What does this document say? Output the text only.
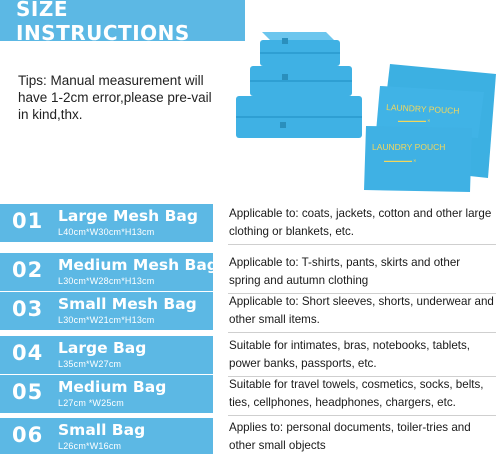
SIZE INSTRUCTIONS
Tips: Manual measurement will have 1-2cm error,please pre-vail in kind,thx.	LAUNDRY POUCH
▬▬▬▬▬▬▬ ✕
LAUNDRY POUCH
▬▬▬▬▬▬▬ ✕
01 Large Mesh Bag
L40cm*W30cm*H13cm
Applicable to: coats, jackets, cotton and other large clothing or blankets, etc.
02 Medium Mesh Bag
L30cm*W28cm*H13cm
Applicable to: T-shirts, pants, skirts and other spring and autumn clothing
03 Small Mesh Bag
L30cm*W21cm*H13cm
Applicable to: Short sleeves, shorts, underwear and other small items.
04 Large Bag
L35cm*W27cm
Suitable for intimates, bras, notebooks, tablets, power banks, passports, etc.
05 Medium Bag
L27cm *W25cm
Suitable for travel towels, cosmetics, socks, belts, ties, cellphones, headphones, chargers, etc.
06 Small Bag
L26cm*W16cm
Applies to: personal documents, toiler-tries and other small objects
